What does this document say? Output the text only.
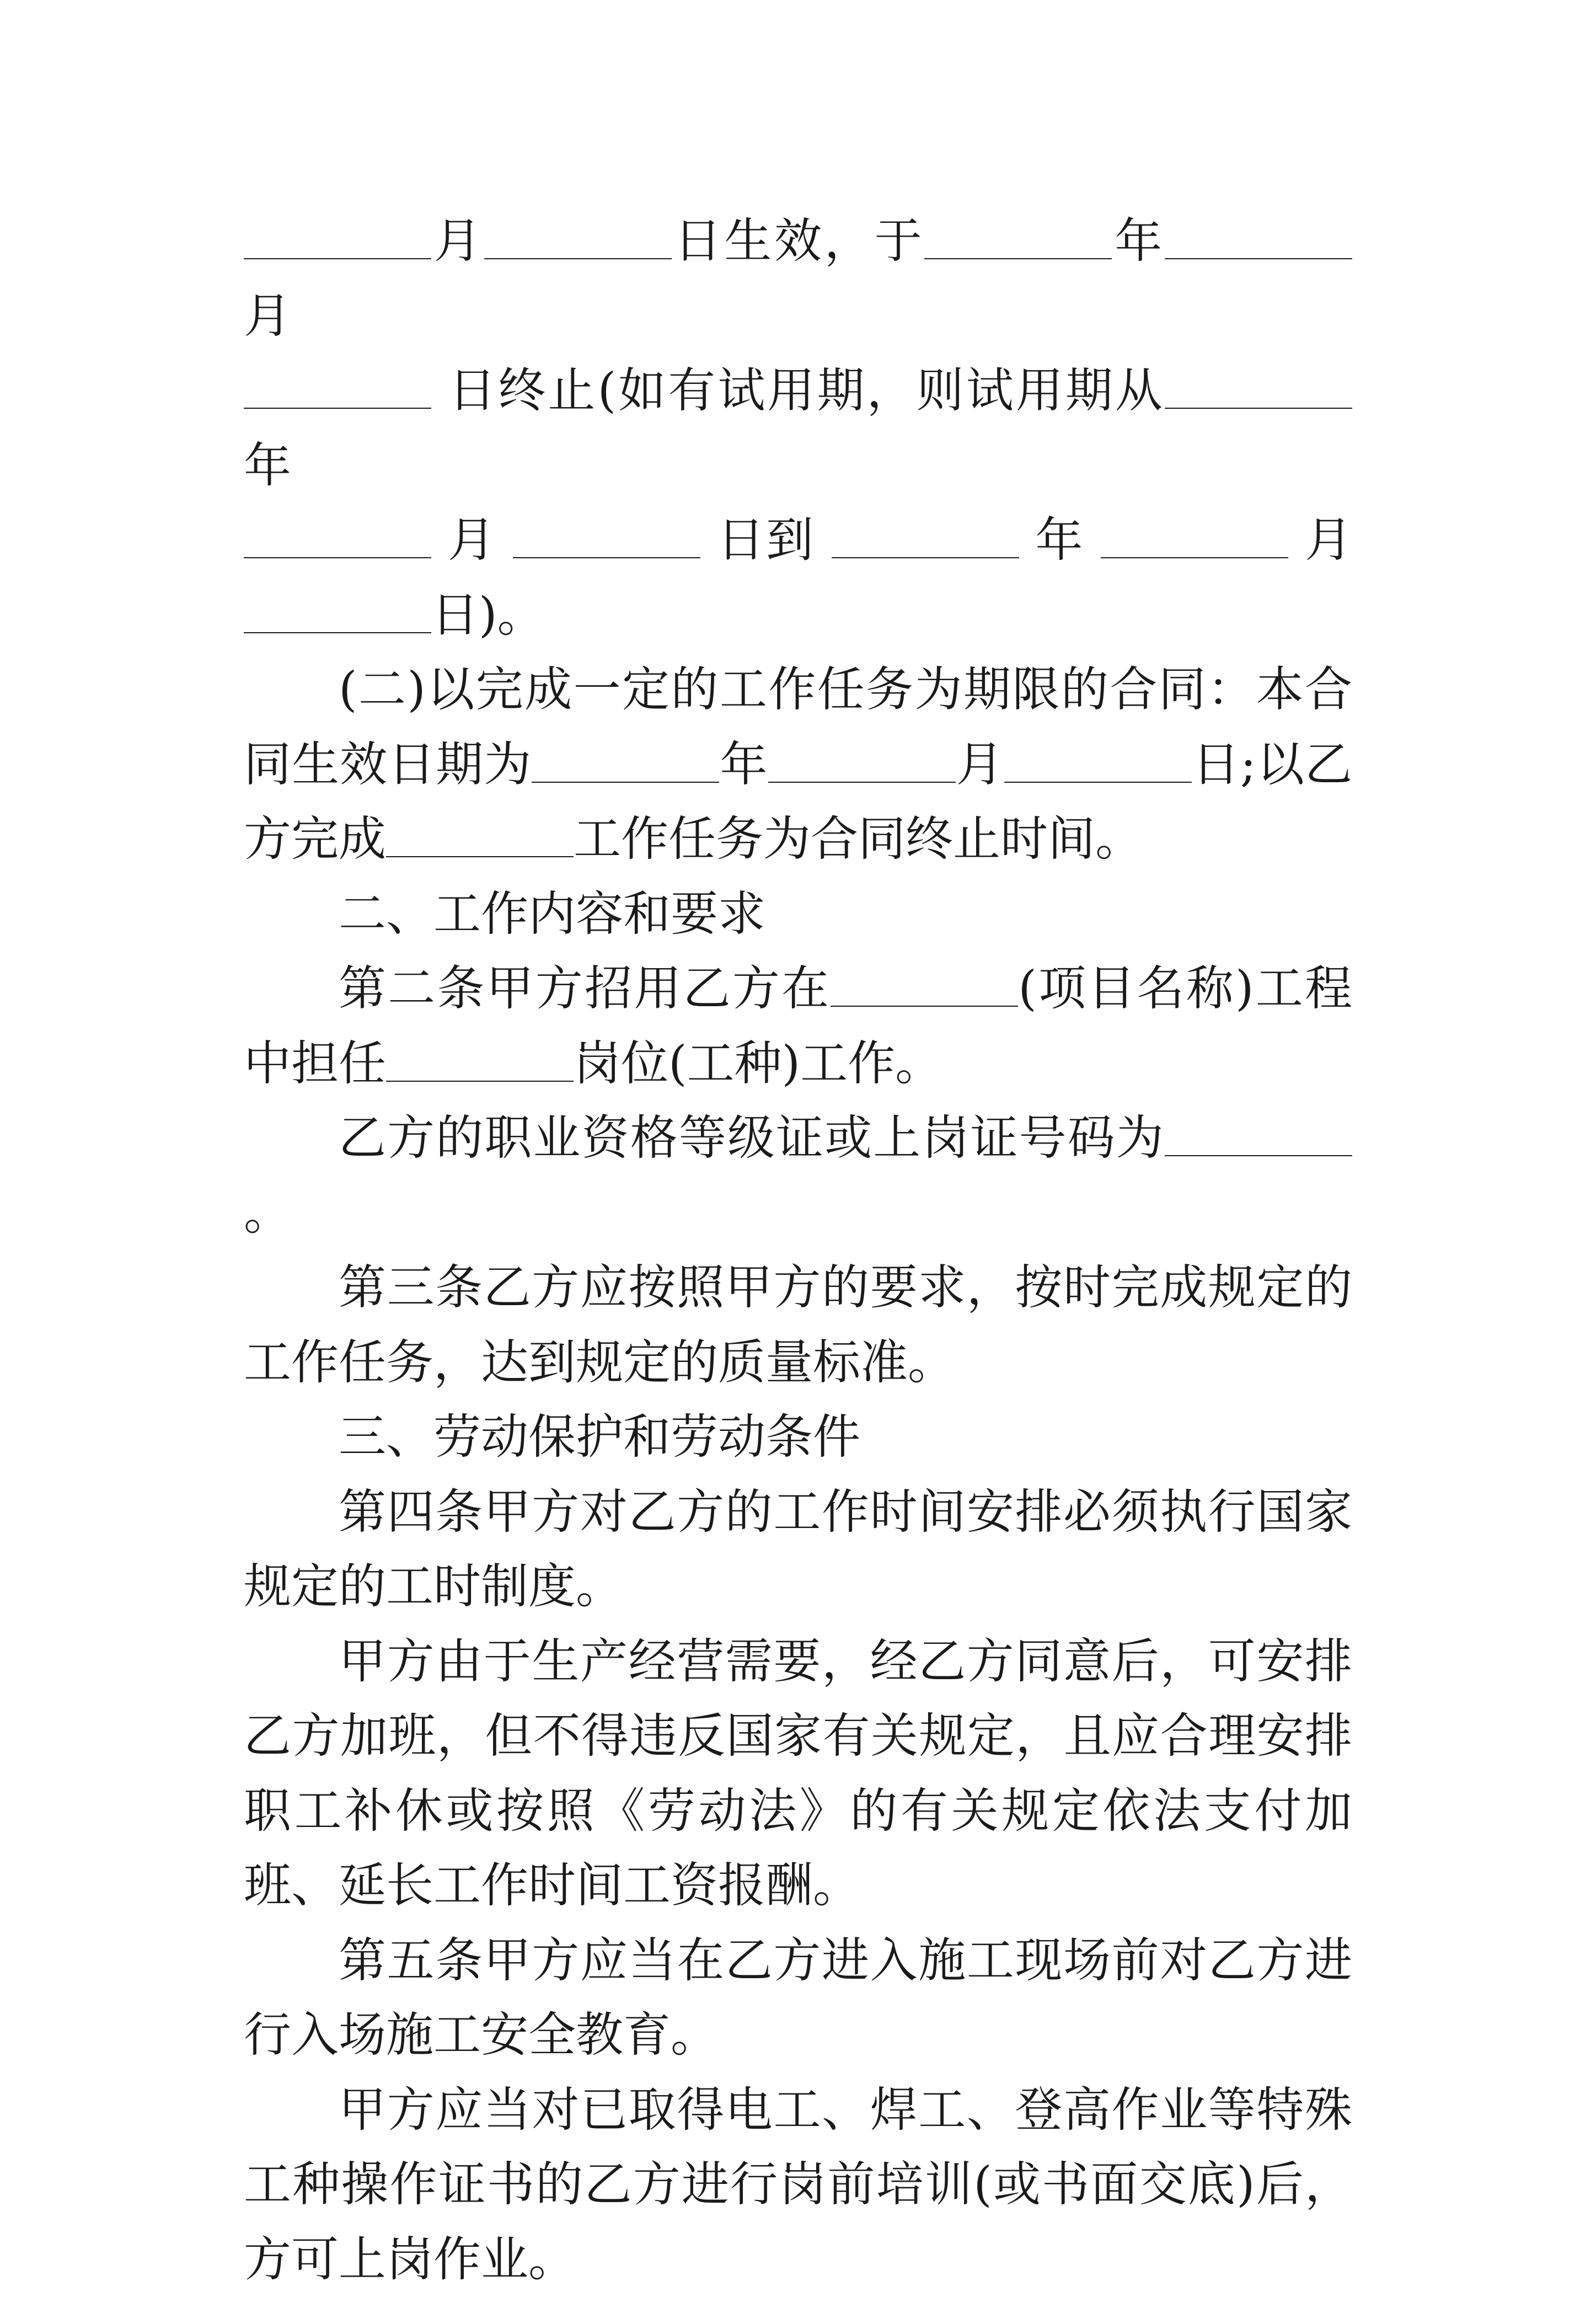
月	日生效，于	年月

日终止(如有试用期，则试用期从 年

月	日到	年	月

日)。

(二)以完成一定的工作任务为期限的合同：本合同生效日期为	年	月	日;以乙方完成	工作任务为合同终止时间。

二、工作内容和要求

第二条甲方招用乙方在	(项目名称)工程中担任	岗位(工种)工作。

乙方的职业资格等级证或上岗证号码为。

第三条乙方应按照甲方的要求，按时完成规定的工作任务，达到规定的质量标准。

三、劳动保护和劳动条件

第四条甲方对乙方的工作时间安排必须执行国家规定的工时制度。

甲方由于生产经营需要，经乙方同意后，可安排乙方加班，但不得违反国家有关规定，且应合理安排职工补休或按照《劳动法》的有关规定依法支付加班、延长工作时间工资报酬。

第五条甲方应当在乙方进入施工现场前对乙方进行入场施工安全教育。

甲方应当对已取得电工、焊工、登高作业等特殊工种操作证书的乙方进行岗前培训(或书面交底)后，方可上岗作业。
